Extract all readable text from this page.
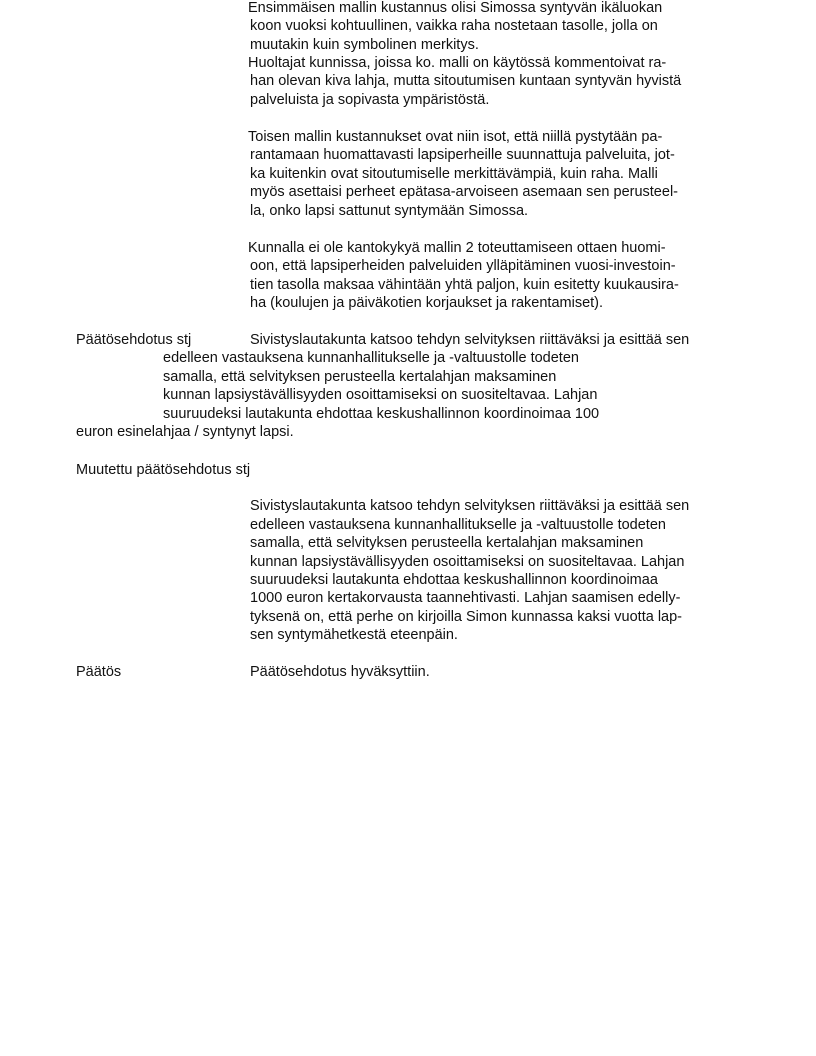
Ensimmäisen mallin kustannus olisi Simossa syntyvän ikäluokan
koon vuoksi kohtuullinen, vaikka raha nostetaan tasolle, jolla on
muutakin kuin symbolinen merkitys.
Huoltajat kunnissa, joissa ko. malli on käytössä kommentoivat ra-
han olevan kiva lahja, mutta sitoutumisen kuntaan syntyvän hyvistä
palveluista ja sopivasta ympäristöstä.
Toisen mallin kustannukset ovat niin isot, että niillä pystytään pa-
rantamaan huomattavasti lapsiperheille suunnattuja palveluita, jot-
ka kuitenkin ovat sitoutumiselle merkittävämpiä, kuin raha. Malli
myös asettaisi perheet epätasa-arvoiseen asemaan sen perusteel-
la, onko lapsi sattunut syntymään Simossa.
Kunnalla ei ole kantokykyä mallin 2 toteuttamiseen ottaen huomi-
oon, että lapsiperheiden palveluiden ylläpitäminen vuosi-investoin-
tien tasolla maksaa vähintään yhtä paljon, kuin esitetty kuukausira-
ha (koulujen ja päiväkotien korjaukset ja rakentamiset).
Päätösehdotus stj	Sivistyslautakunta katsoo tehdyn selvityksen riittäväksi ja esittää sen
edelleen vastauksena kunnanhallitukselle ja -valtuustolle todeten
samalla, että selvityksen perusteella kertalahjan maksaminen
kunnan lapsiystävällisyyden osoittamiseksi on suositeltavaa. Lahjan
suuruudeksi lautakunta ehdottaa keskushallinnon koordinoimaa 100
euron esinelahjaa / syntynyt lapsi.
Muutettu päätösehdotus stj
Sivistyslautakunta katsoo tehdyn selvityksen riittäväksi ja esittää sen
edelleen vastauksena kunnanhallitukselle ja -valtuustolle todeten
samalla, että selvityksen perusteella kertalahjan maksaminen
kunnan lapsiystävällisyyden osoittamiseksi on suositeltavaa. Lahjan
suuruudeksi lautakunta ehdottaa keskushallinnon koordinoimaa
1000 euron kertakorvausta taannehtivasti. Lahjan saamisen edelly-
tyksenä on, että perhe on kirjoilla Simon kunnassa kaksi vuotta lap-
sen syntymähetkestä eteenpäin.
Päätös	Päätösehdotus hyväksyttiin.
